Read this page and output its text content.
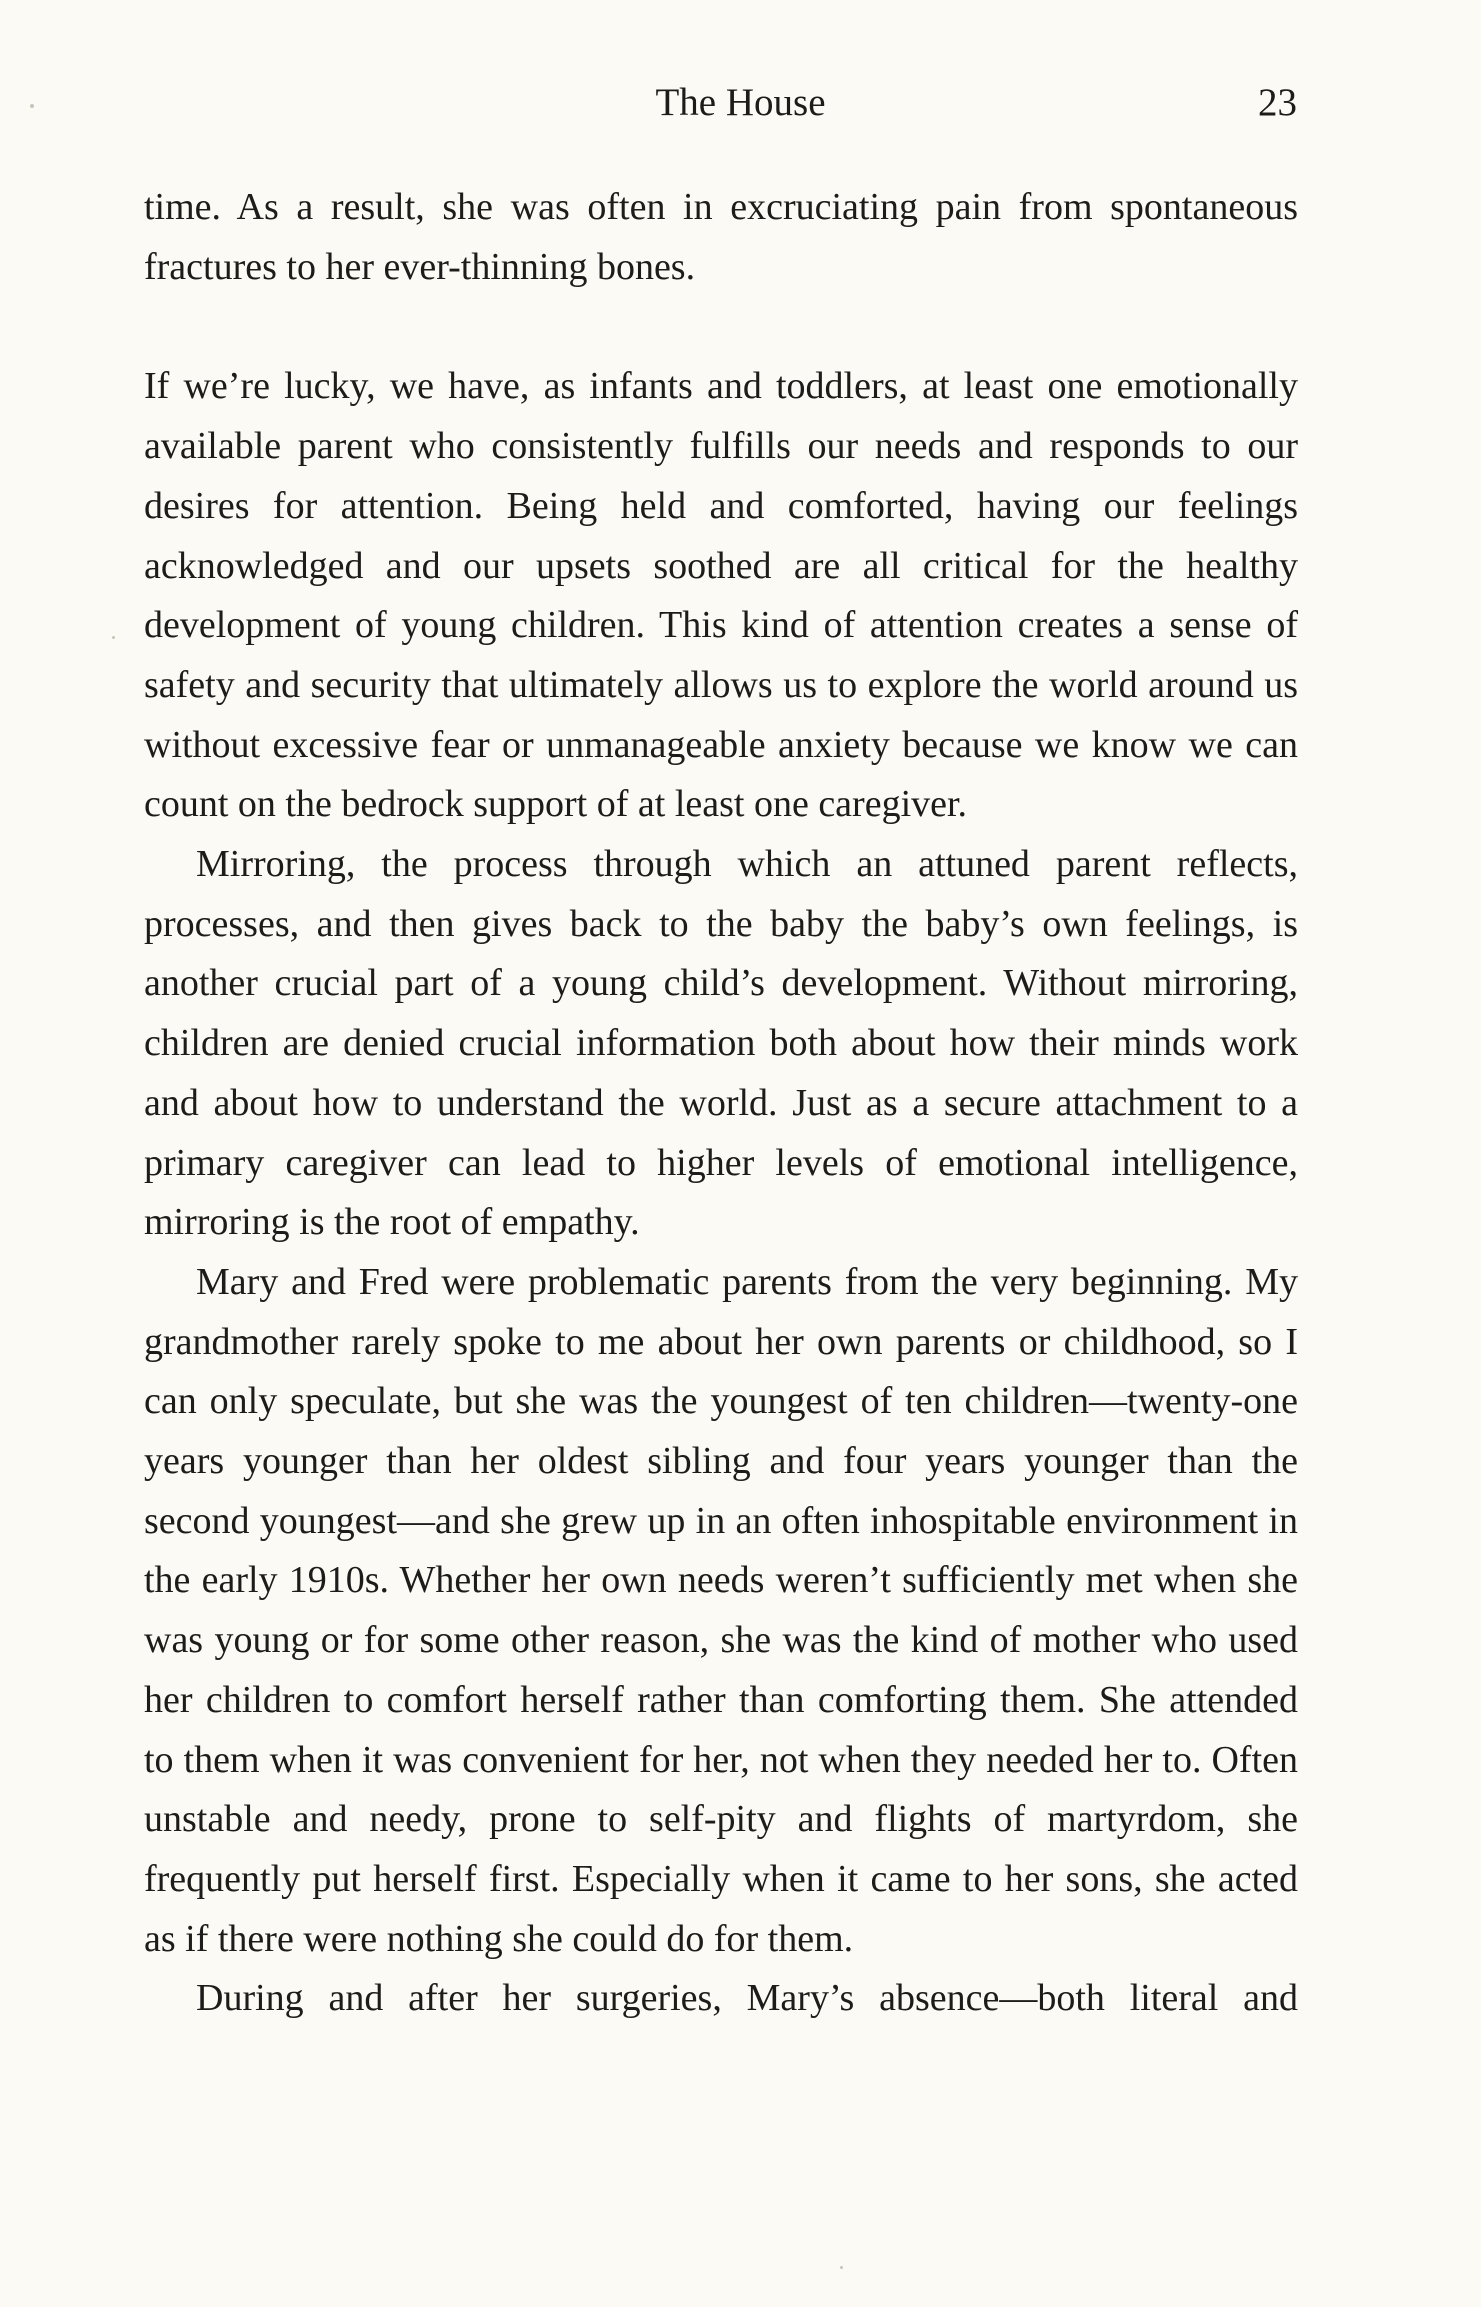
The House	23

time. As a result, she was often in excruciating pain from spontaneous fractures to her ever-thinning bones.

If we’re lucky, we have, as infants and toddlers, at least one emotionally available parent who consistently fulfills our needs and responds to our desires for attention. Being held and comforted, having our feelings acknowledged and our upsets soothed are all critical for the healthy development of young children. This kind of attention creates a sense of safety and security that ultimately allows us to explore the world around us without excessive fear or unmanageable anxiety because we know we can count on the bedrock support of at least one caregiver.

Mirroring, the process through which an attuned parent reflects, processes, and then gives back to the baby the baby’s own feelings, is another crucial part of a young child’s development. Without mirroring, children are denied crucial information both about how their minds work and about how to understand the world. Just as a secure attachment to a primary caregiver can lead to higher levels of emotional intelligence, mirroring is the root of empathy.

Mary and Fred were problematic parents from the very beginning. My grandmother rarely spoke to me about her own parents or childhood, so I can only speculate, but she was the youngest of ten children—twenty-one years younger than her oldest sibling and four years younger than the second youngest—and she grew up in an often inhospitable environment in the early 1910s. Whether her own needs weren’t sufficiently met when she was young or for some other reason, she was the kind of mother who used her children to comfort herself rather than comforting them. She attended to them when it was convenient for her, not when they needed her to. Often unstable and needy, prone to self-pity and flights of martyrdom, she frequently put herself first. Especially when it came to her sons, she acted as if there were nothing she could do for them.

During and after her surgeries, Mary’s absence—both literal and
